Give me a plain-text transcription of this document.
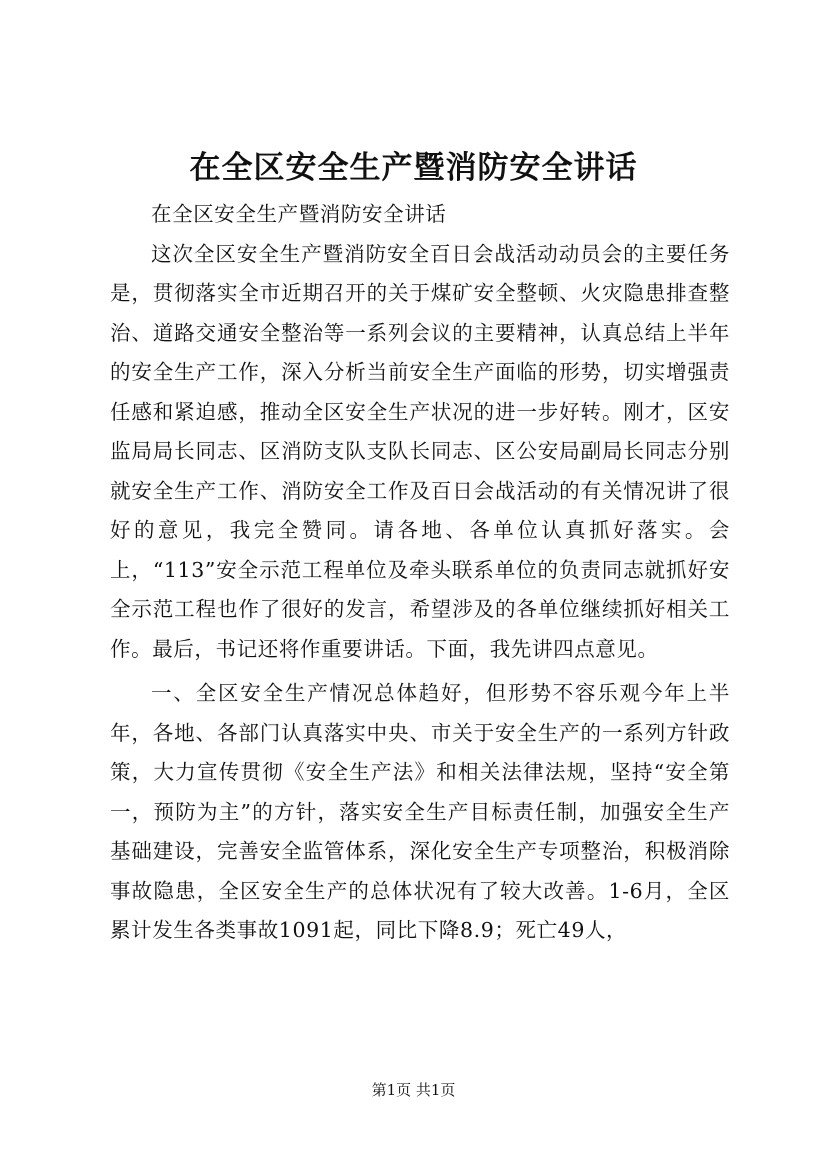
在全区安全生产暨消防安全讲话

在全区安全生产暨消防安全讲话

这次全区安全生产暨消防安全百日会战活动动员会的主要任务是，贯彻落实全市近期召开的关于煤矿安全整顿、火灾隐患排查整治、道路交通安全整治等一系列会议的主要精神，认真总结上半年的安全生产工作，深入分析当前安全生产面临的形势，切实增强责任感和紧迫感，推动全区安全生产状况的进一步好转。刚才，区安监局局长同志、区消防支队支队长同志、区公安局副局长同志分别就安全生产工作、消防安全工作及百日会战活动的有关情况讲了很好的意见，我完全赞同。请各地、各单位认真抓好落实。会上，“113”安全示范工程单位及牵头联系单位的负责同志就抓好安全示范工程也作了很好的发言，希望涉及的各单位继续抓好相关工作。最后，书记还将作重要讲话。下面，我先讲四点意见。

一、全区安全生产情况总体趋好，但形势不容乐观今年上半年，各地、各部门认真落实中央、市关于安全生产的一系列方针政策，大力宣传贯彻《安全生产法》和相关法律法规，坚持“安全第一，预防为主”的方针，落实安全生产目标责任制，加强安全生产基础建设，完善安全监管体系，深化安全生产专项整治，积极消除事故隐患，全区安全生产的总体状况有了较大改善。1-6月，全区累计发生各类事故1091起，同比下降8.9；死亡49人，

第1页 共1页
